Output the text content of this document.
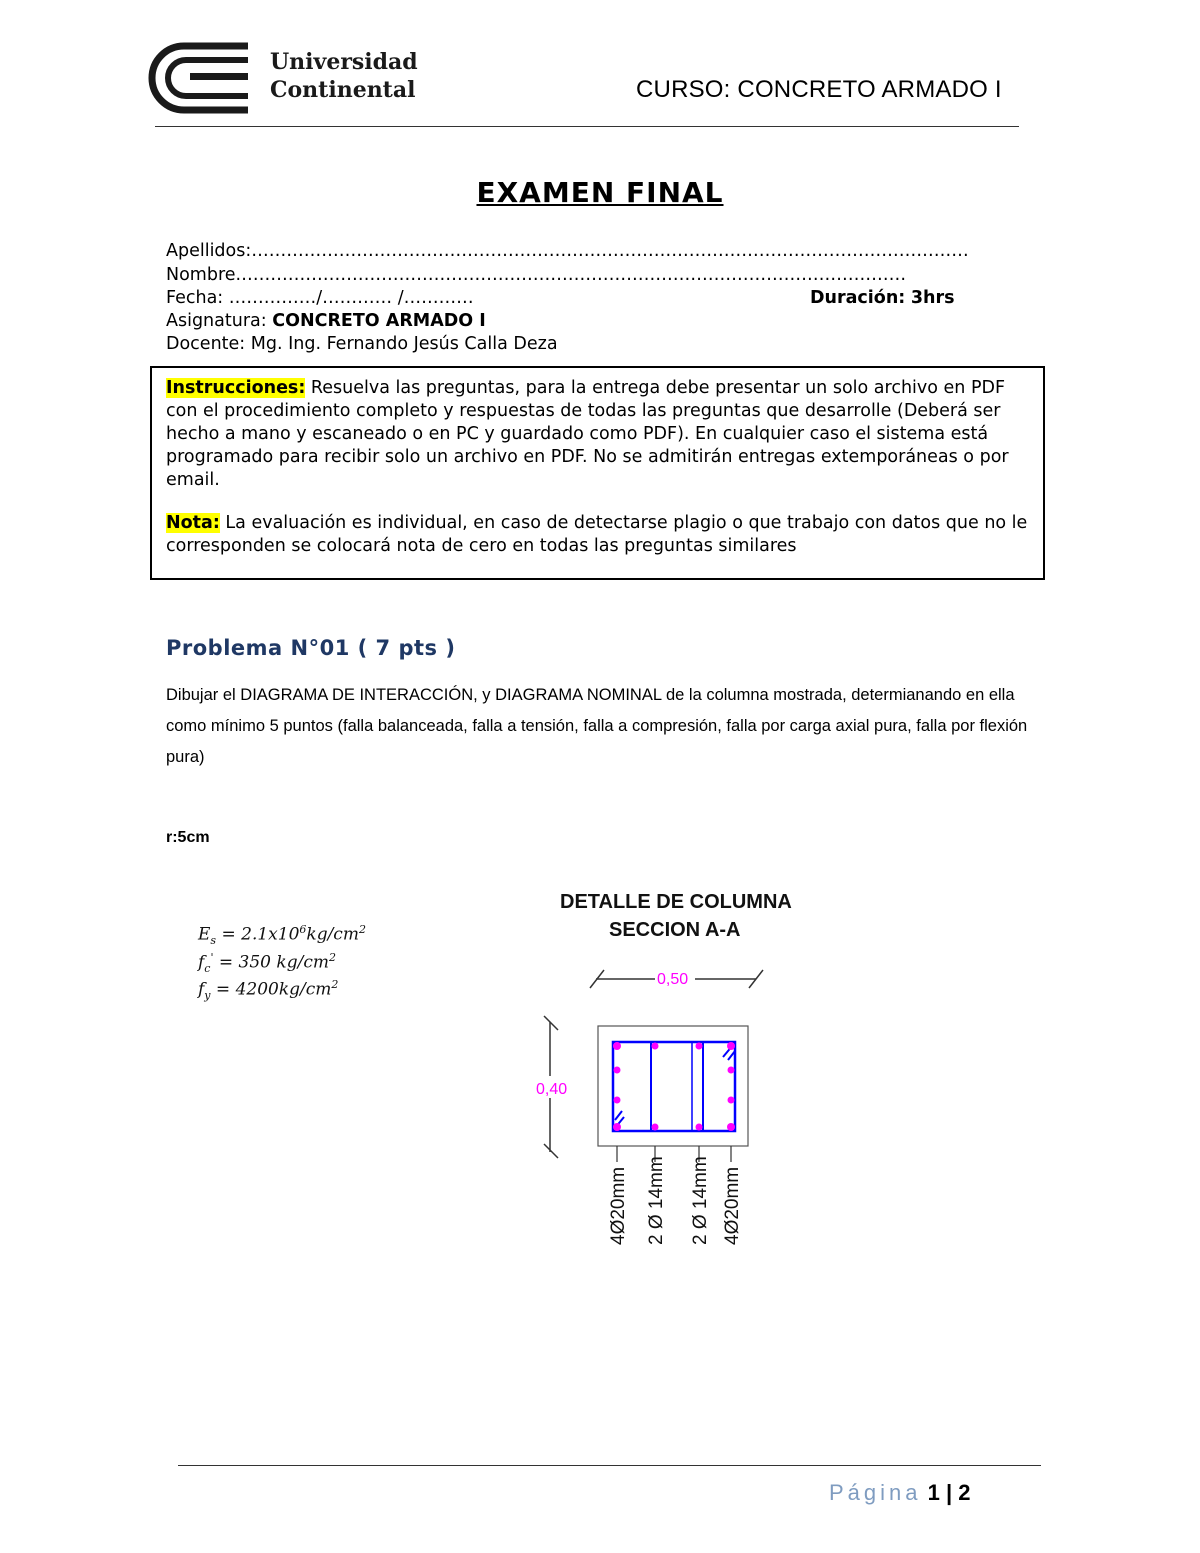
Universidad
Continental	CURSO: CONCRETO ARMADO I
EXAMEN FINAL
Apellidos:……………………………………………………………………………………………………………
Nombre.……………………………………………………………………………………………………
Fecha: ……………/………… /…………	Duración: 3hrs
Asignatura: CONCRETO ARMADO I
Docente: Mg. Ing. Fernando Jesús Calla Deza
Instrucciones: Resuelva las preguntas, para la entrega debe presentar un solo archivo en PDF con el procedimiento completo y respuestas de todas las preguntas que desarrolle (Deberá ser hecho a mano y escaneado o en PC y guardado como PDF). En cualquier caso el sistema está programado para recibir solo un archivo en PDF. No se admitirán entregas extemporáneas o por email.
Nota: La evaluación es individual, en caso de detectarse plagio o que trabajo con datos que no le corresponden se colocará nota de cero en todas las preguntas similares
Problema N°01 ( 7 pts )
Dibujar el DIAGRAMA DE INTERACCIÓN, y DIAGRAMA NOMINAL de la columna mostrada, determianando en ella como mínimo 5 puntos (falla balanceada, falla a tensión, falla a compresión, falla por carga axial pura, falla por flexión pura)
r:5cm
$E_s = 2.1x10^6kg/cm^2$
$f_c' = 350$ $kg/cm^2$
$f_y = 4200kg/cm^2$
DETALLE DE COLUMNA
SECCION A-A
0,50
0,40
4Ø20mm 2 Ø 14mm 2 Ø 14mm 4Ø20mm
Página 1 | 2
